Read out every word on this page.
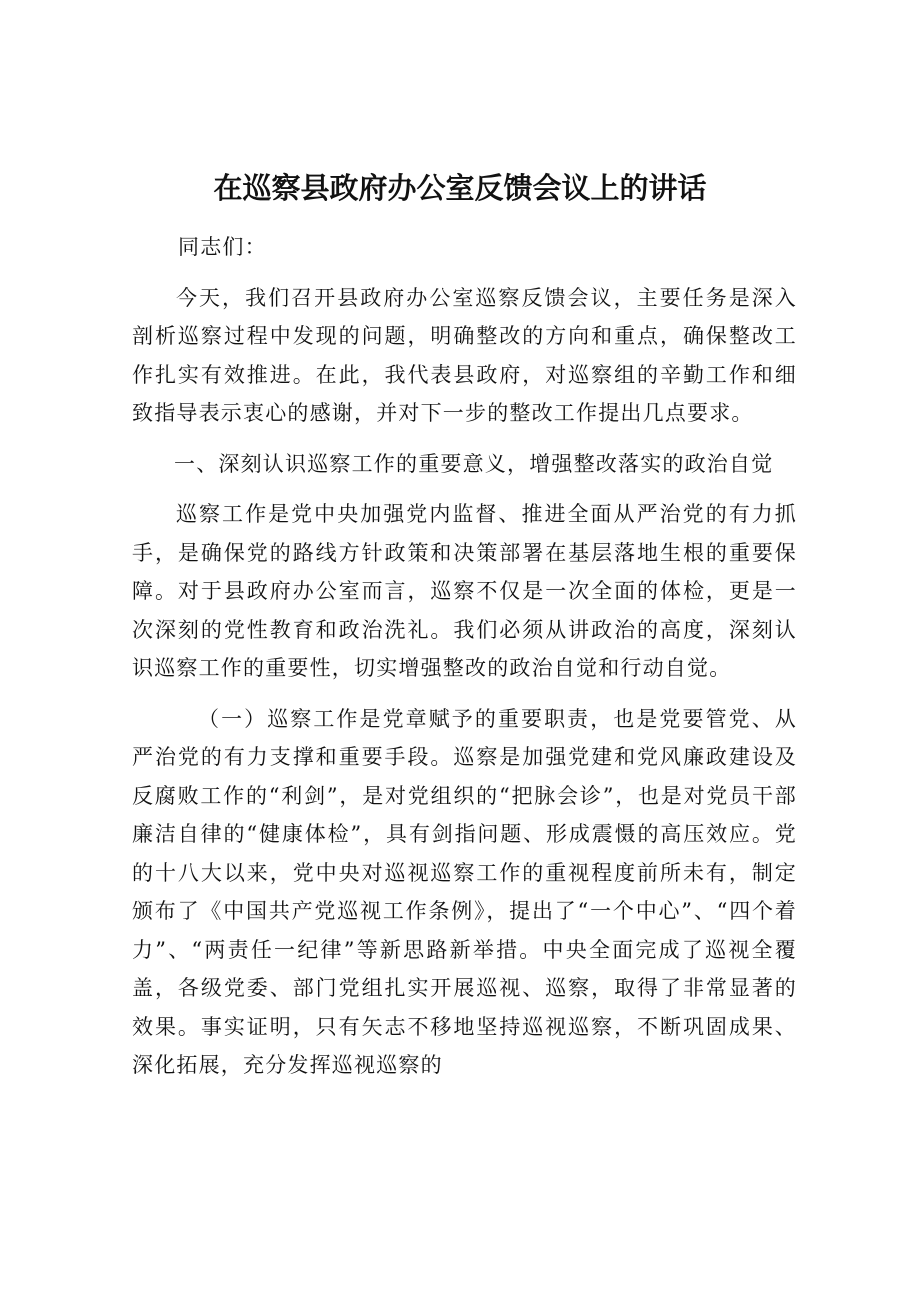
在巡察县政府办公室反馈会议上的讲话

同志们：

今天，我们召开县政府办公室巡察反馈会议，主要任务是深入剖析巡察过程中发现的问题，明确整改的方向和重点，确保整改工作扎实有效推进。在此，我代表县政府，对巡察组的辛勤工作和细致指导表示衷心的感谢，并对下一步的整改工作提出几点要求。

一、深刻认识巡察工作的重要意义，增强整改落实的政治自觉

巡察工作是党中央加强党内监督、推进全面从严治党的有力抓手，是确保党的路线方针政策和决策部署在基层落地生根的重要保障。对于县政府办公室而言，巡察不仅是一次全面的体检，更是一次深刻的党性教育和政治洗礼。我们必须从讲政治的高度，深刻认识巡察工作的重要性，切实增强整改的政治自觉和行动自觉。

（一）巡察工作是党章赋予的重要职责，也是党要管党、从严治党的有力支撑和重要手段。巡察是加强党建和党风廉政建设及反腐败工作的“利剑”，是对党组织的“把脉会诊”，也是对党员干部廉洁自律的“健康体检”，具有剑指问题、形成震慑的高压效应。党的十八大以来，党中央对巡视巡察工作的重视程度前所未有，制定颁布了《中国共产党巡视工作条例》，提出了“一个中心”、“四个着力”、“两责任一纪律”等新思路新举措。中央全面完成了巡视全覆盖，各级党委、部门党组扎实开展巡视、巡察，取得了非常显著的效果。事实证明，只有矢志不移地坚持巡视巡察，不断巩固成果、深化拓展，充分发挥巡视巡察的
